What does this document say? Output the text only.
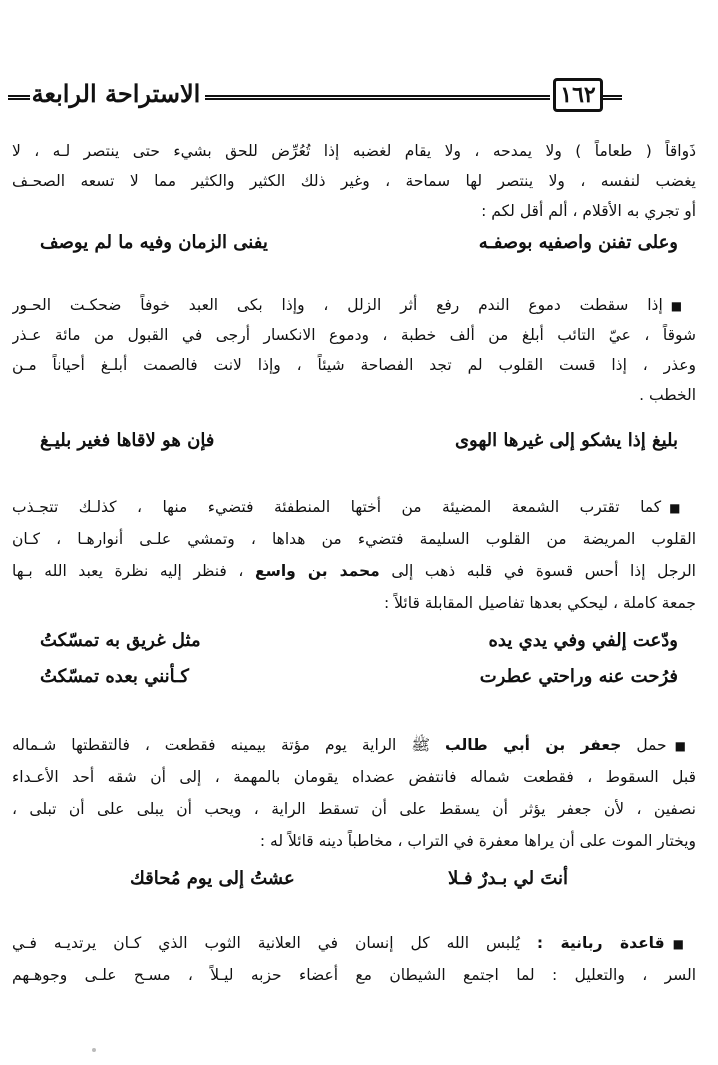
١٦٢
الاستراحة الرابعة
ذَواقاً ( طعاماً ) ولا يمدحه ، ولا يقام لغضبه إذا تُعُرِّض للحق بشيء حتى ينتصر لـه ، لا
يغضب لنفسه ، ولا ينتصر لها سماحة ، وغير ذلك الكثير والكثير مما لا تسعه الصحـف
أو تجري به الأقلام ، ألم أقل لكم :
وعلى تفنن واصفيه بوصفـه
يفنى الزمان وفيه ما لم يوصف
■إذا سقطت دموع الندم رفع أثر الزلل ، وإذا بكى العبد خوفاً ضحكـت الحـور
شوقاً ، عيّ التائب أبلغ من ألف خطبة ، ودموع الانكسار أرجى في القبول من مائة عـذر
وعذر ، إذا قست القلوب لم تجد الفصاحة شيئاً ، وإذا لانت فالصمت أبلـغ أحياناً مـن
الخطب .
بليغ إذا يشكو إلى غيرها الهوى
فإن هو لاقاها فغير بليـغ
■كما تقترب الشمعة المضيئة من أختها المنطفئة فتضيء منها ، كذلـك تتجـذب
القلوب المريضة من القلوب السليمة فتضيء من هداها ، وتمشي علـى أنوارهـا ، كـان
الرجل إذا أحس قسوة في قلبه ذهب إلى محمد بن واسع ، فنظر إليه نظرة يعبد الله بـها
جمعة كاملة ، ليحكي بعدها تفاصيل المقابلة قائلاً :
ودّعت إلفي وفي يدي يده
مثل غريق به تمسّكتُ
فرُحت عنه وراحتي عطرت
كـأنني بعده تمسّكتُ
■حمل جعفر بن أبي طالب ﷺ الراية يوم مؤتة بيمينه فقطعت ، فالتقطتها شـماله
قبل السقوط ، فقطعت شماله فانتفض عضداه يقومان بالمهمة ، إلى أن شقه أحد الأعـداء
نصفين ، لأن جعفر يؤثر أن يسقط على أن تسقط الراية ، ويحب أن يبلى على أن تبلى ،
ويختار الموت على أن يراها معفرة في التراب ، مخاطباً دينه قائلاً له :
أنتَ لي بـدرٌ فـلا
عشتُ إلى يوم مُحاقك
■قاعدة ربانية : يُلبس الله كل إنسان في العلانية الثوب الذي كـان يرتديـه فـي
السر ، والتعليل : لما اجتمع الشيطان مع أعضاء حزبه ليـلاً ، مسـح علـى وجوهـهم
